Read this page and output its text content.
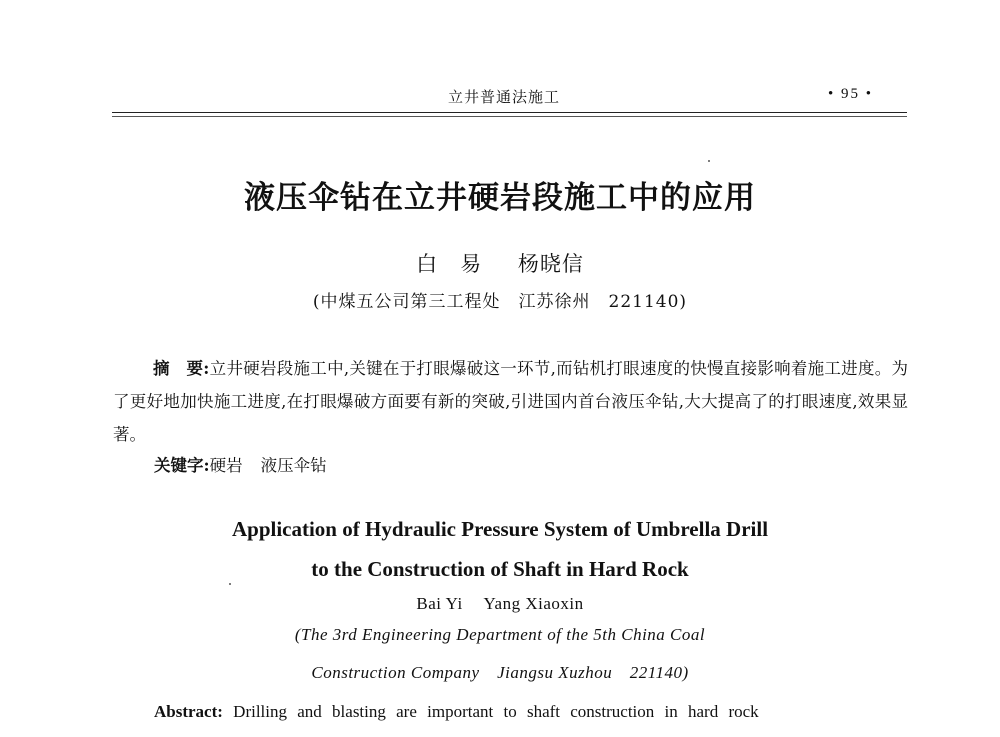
立井普通法施工	• 95 •
液压伞钻在立井硬岩段施工中的应用
白　易 杨晓信
(中煤五公司第三工程处　江苏徐州　221140)
摘　要:立井硬岩段施工中,关键在于打眼爆破这一环节,而钻机打眼速度的快慢直接影响着施工进度。为了更好地加快施工进度,在打眼爆破方面要有新的突破,引进国内首台液压伞钻,大大提高了的打眼速度,效果显著。
关键字:硬岩 液压伞钻
Application of Hydraulic Pressure System of Umbrella Drill
to the Construction of Shaft in Hard Rock
Bai Yi Yang Xiaoxin
(The 3rd Engineering Department of the 5th China Coal
Construction Company　Jiangsu Xuzhou　221140)
Abstract: Drilling and blasting are important to shaft construction in hard rock
